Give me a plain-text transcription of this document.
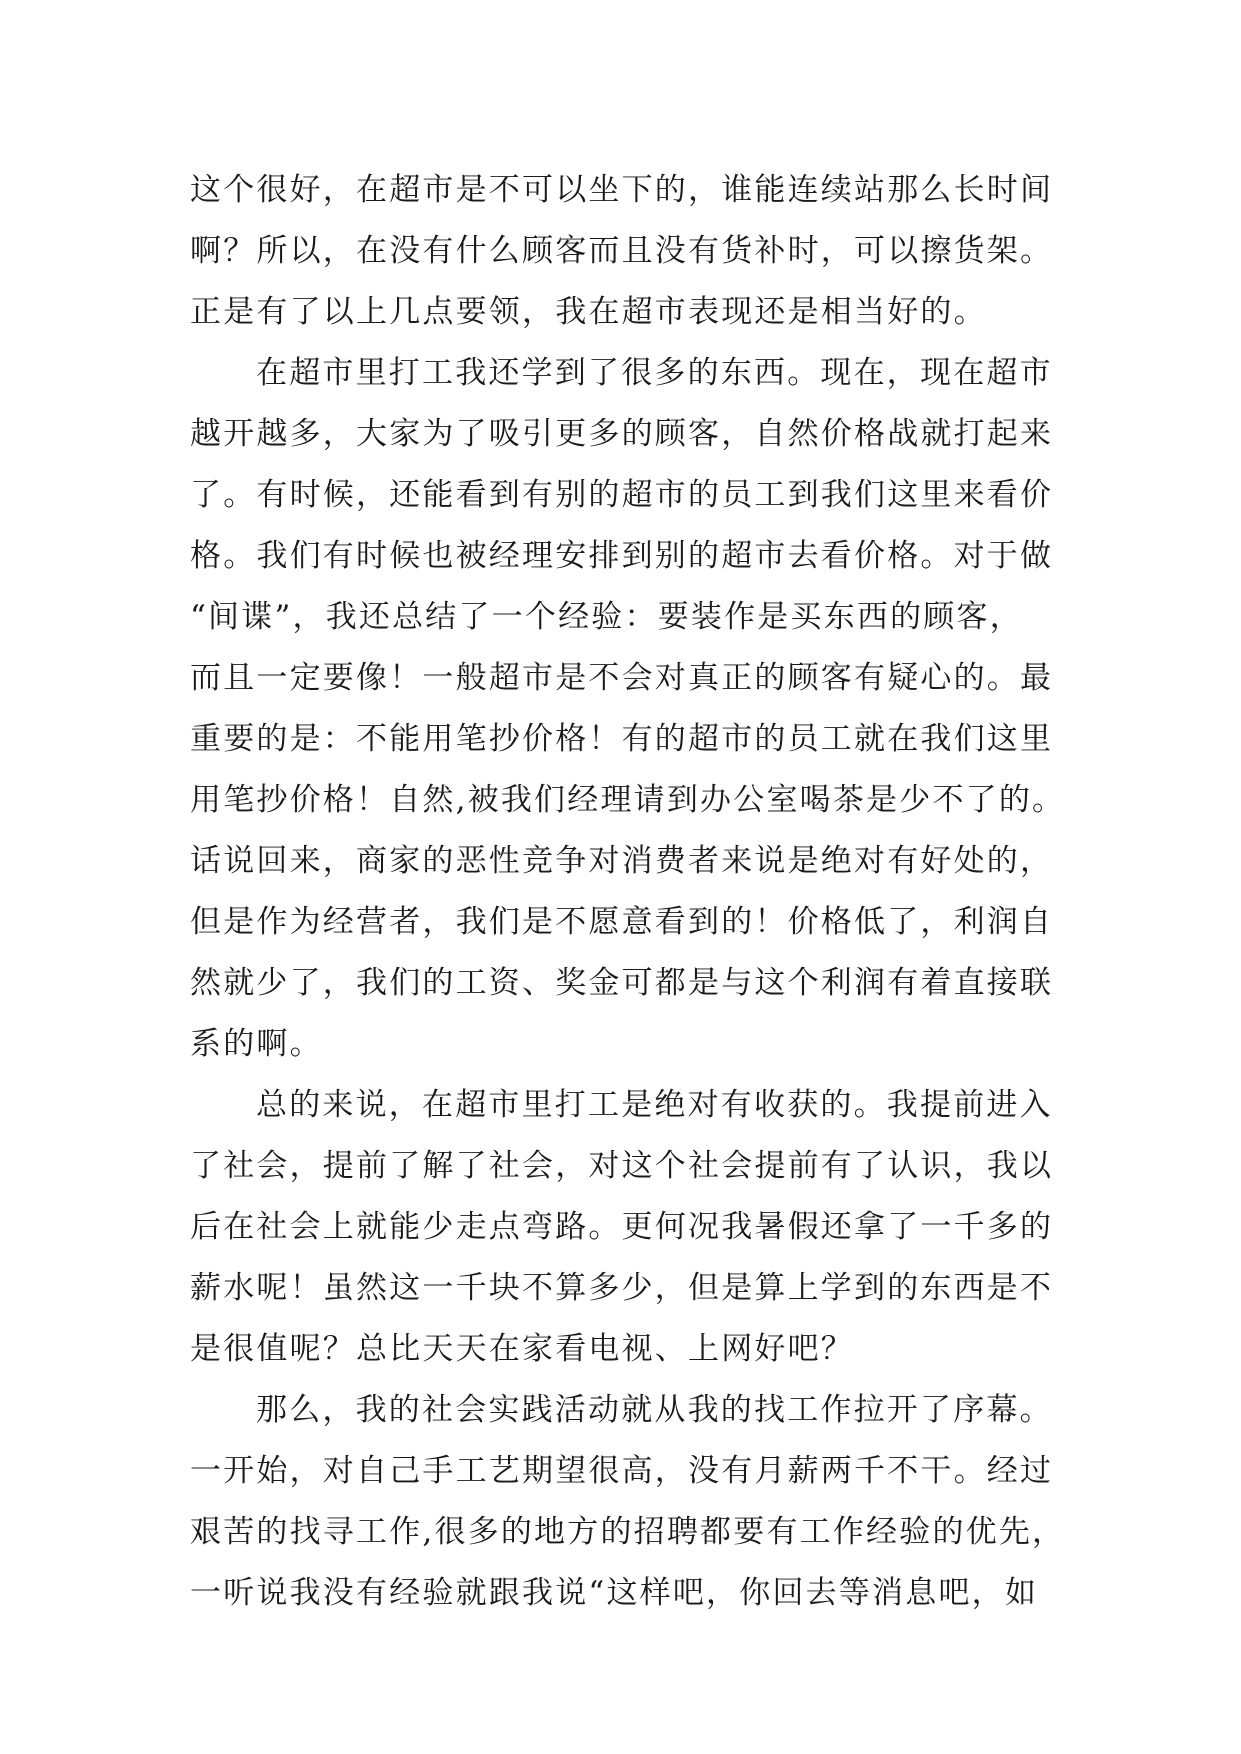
这个很好，在超市是不可以坐下的，谁能连续站那么长时间
啊？所以，在没有什么顾客而且没有货补时，可以擦货架。
正是有了以上几点要领，我在超市表现还是相当好的。
在超市里打工我还学到了很多的东西。现在，现在超市
越开越多，大家为了吸引更多的顾客，自然价格战就打起来
了。有时候，还能看到有别的超市的员工到我们这里来看价
格。我们有时候也被经理安排到别的超市去看价格。对于做
“间谍”，我还总结了一个经验：要装作是买东西的顾客，
而且一定要像！一般超市是不会对真正的顾客有疑心的。最
重要的是：不能用笔抄价格！有的超市的员工就在我们这里
用笔抄价格！自然,被我们经理请到办公室喝茶是少不了的。
话说回来，商家的恶性竞争对消费者来说是绝对有好处的，
但是作为经营者，我们是不愿意看到的！价格低了，利润自
然就少了，我们的工资、奖金可都是与这个利润有着直接联
系的啊。
总的来说，在超市里打工是绝对有收获的。我提前进入
了社会，提前了解了社会，对这个社会提前有了认识，我以
后在社会上就能少走点弯路。更何况我暑假还拿了一千多的
薪水呢！虽然这一千块不算多少，但是算上学到的东西是不
是很值呢？总比天天在家看电视、上网好吧？
那么，我的社会实践活动就从我的找工作拉开了序幕。
一开始，对自己手工艺期望很高，没有月薪两千不干。经过
艰苦的找寻工作,很多的地方的招聘都要有工作经验的优先，
一听说我没有经验就跟我说“这样吧，你回去等消息吧，如
